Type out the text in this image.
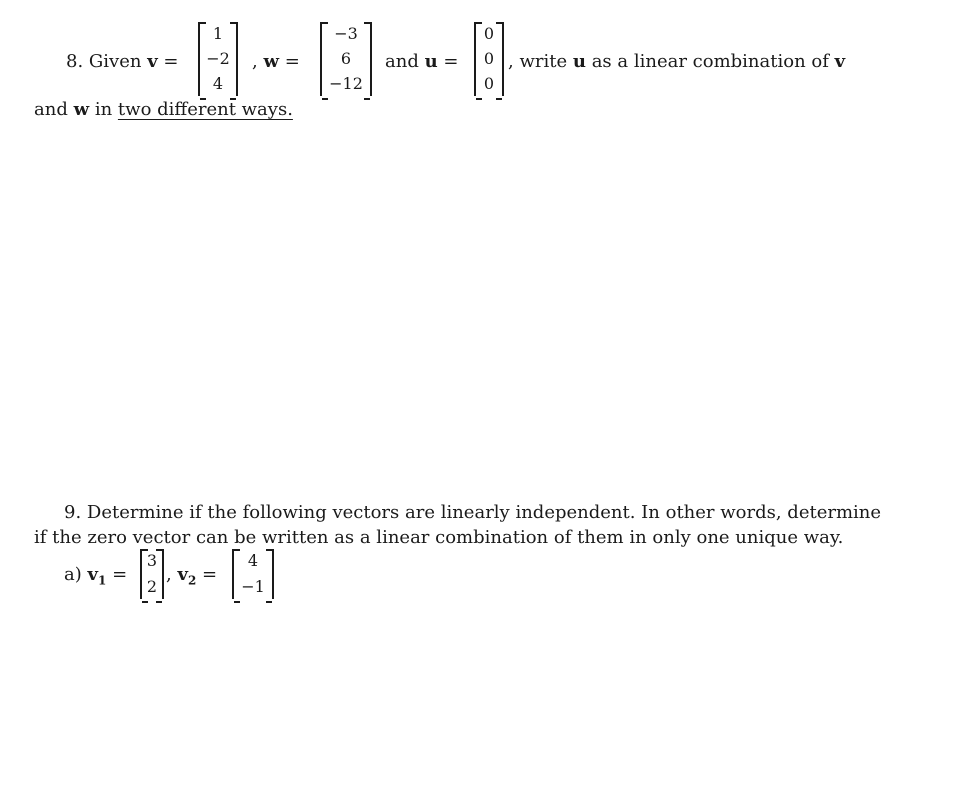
8. Given v =
1
−2
4
, w =
−3
6
−12
and u =
0
0
0
, write u as a linear combination of v
and w in two different ways.
9. Determine if the following vectors are linearly independent. In other words, determine
if the zero vector can be written as a linear combination of them in only one unique way.
a) $v_1$ =
3
2
, $v_2$ =
4
−1
